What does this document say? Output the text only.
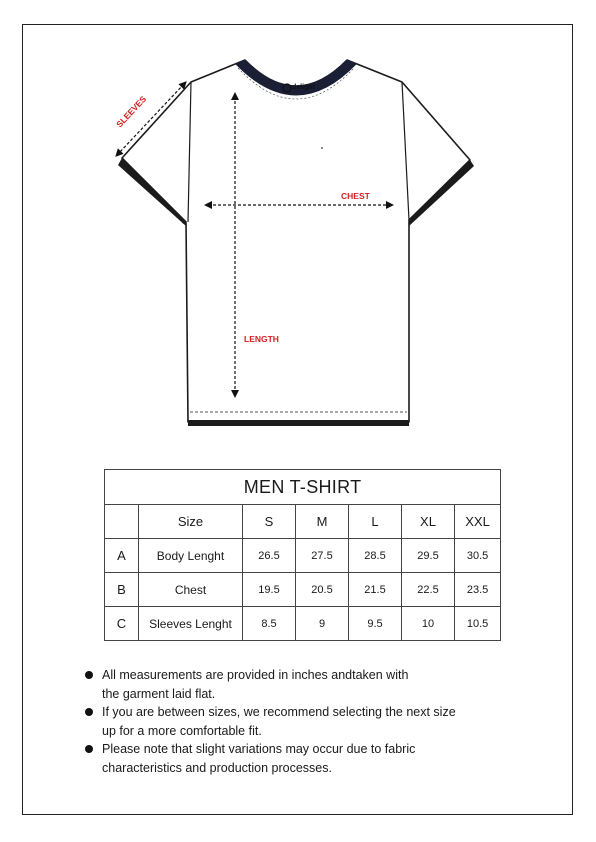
delight
SLEEVES
CHEST
LENGTH
MEN T-SHIRT						
	Size	S	M	L	XL	XXL
A	Body Lenght	26.5	27.5	28.5	29.5	30.5
B	Chest	19.5	20.5	21.5	22.5	23.5
C	Sleeves Lenght	8.5	9	9.5	10	10.5
All measurements are provided in inches andtaken with
the garment laid flat.
If you are between sizes, we recommend selecting the next size
up for a more comfortable fit.
Please note that slight variations may occur due to fabric
characteristics and production processes.
